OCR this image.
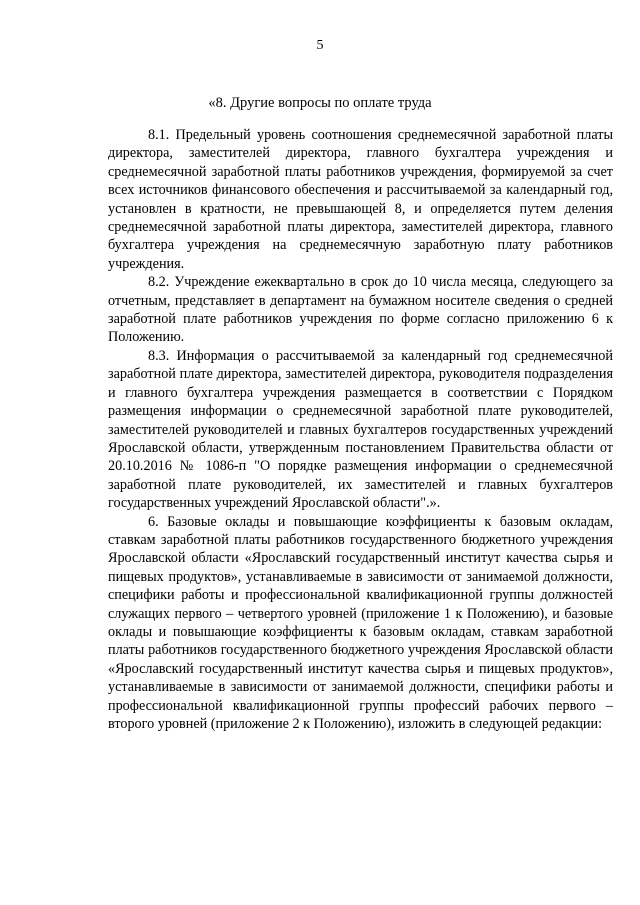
5
«8. Другие вопросы по оплате труда

8.1. Предельный уровень соотношения среднемесячной заработной платы директора, заместителей директора, главного бухгалтера учреждения и среднемесячной заработной платы работников учреждения, формируемой за счет всех источников финансового обеспечения и рассчитываемой за календарный год, установлен в кратности, не превышающей 8, и определяется путем деления среднемесячной заработной платы директора, заместителей директора, главного бухгалтера учреждения на среднемесячную заработную плату работников учреждения.

8.2. Учреждение ежеквартально в срок до 10 числа месяца, следующего за отчетным, представляет в департамент на бумажном носителе сведения о средней заработной плате работников учреждения по форме согласно приложению 6 к Положению.

8.3. Информация о рассчитываемой за календарный год среднемесячной заработной плате директора, заместителей директора, руководителя подразделения и главного бухгалтера учреждения размещается в соответствии с Порядком размещения информации о среднемесячной заработной плате руководителей, заместителей руководителей и главных бухгалтеров государственных учреждений Ярославской области, утвержденным постановлением Правительства области от 20.10.2016 № 1086-п "О порядке размещения информации о среднемесячной заработной плате руководителей, их заместителей и главных бухгалтеров государственных учреждений Ярославской области".».

6. Базовые оклады и повышающие коэффициенты к базовым окладам, ставкам заработной платы работников государственного бюджетного учреждения Ярославской области «Ярославский государственный институт качества сырья и пищевых продуктов», устанавливаемые в зависимости от занимаемой должности, специфики работы и профессиональной квалификационной группы должностей служащих первого – четвертого уровней (приложение 1 к Положению), и базовые оклады и повышающие коэффициенты к базовым окладам, ставкам заработной платы работников государственного бюджетного учреждения Ярославской области «Ярославский государственный институт качества сырья и пищевых продуктов», устанавливаемые в зависимости от занимаемой должности, специфики работы и профессиональной квалификационной группы профессий рабочих первого – второго уровней (приложение 2 к Положению), изложить в следующей редакции:
